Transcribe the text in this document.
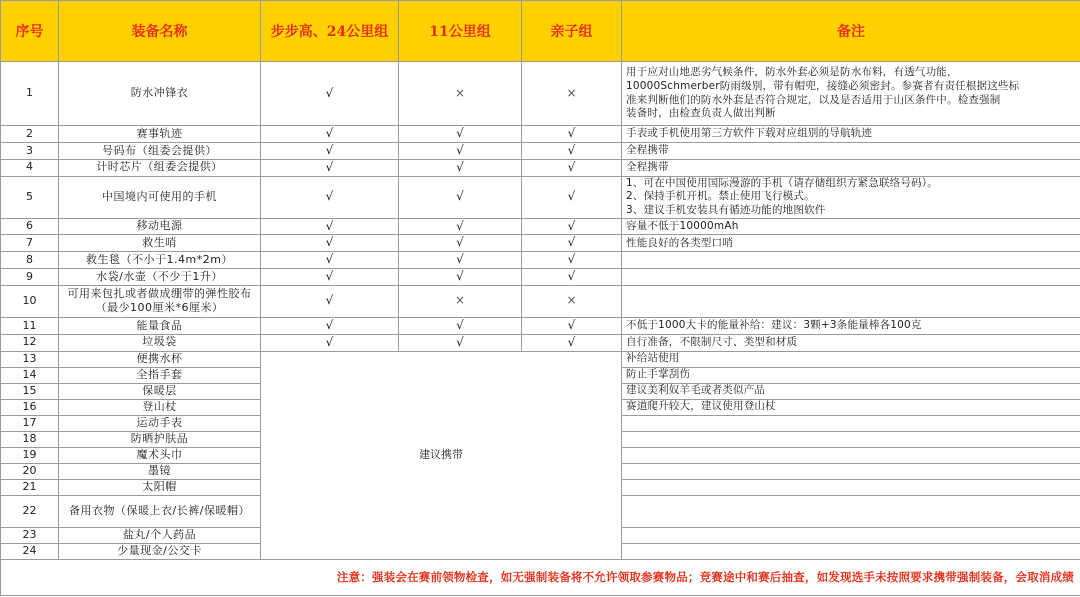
序号	装备名称	步步高、24公里组	11公里组	亲子组	备注
1	防水冲锋衣	√	×	×	用于应对山地恶劣气候条件，防水外套必须是防水布料，有透气功能，
10000Schmerber防雨级别，带有帽兜，接缝必须密封。参赛者有责任根据这些标
准来判断他们的防水外套是否符合规定，以及是否适用于山区条件中。检查强制
装备时，由检查负责人做出判断

2	赛事轨迹	√	√	√	手表或手机使用第三方软件下载对应组别的导航轨迹

3	号码布（组委会提供）	√	√	√	全程携带

4	计时芯片（组委会提供）	√	√	√	全程携带

5	中国境内可使用的手机	√	√	√	1、可在中国使用国际漫游的手机（请存储组织方紧急联络号码）。
2、保持手机开机。禁止使用飞行模式。
3、建议手机安装具有循迹功能的地图软件

6	移动电源	√	√	√	容量不低于10000mAh

7	救生哨	√	√	√	性能良好的各类型口哨

8	救生毯（不小于1.4m*2m）	√	√	√	
9	水袋/水壶（不少于1升）	√	√	√	
10	可用来包扎或者做成绷带的弹性胶布（最少100厘米*6厘米）	√	×	×	
11	能量食品	√	√	√	不低于1000大卡的能量补给：建议：3颗+3条能量棒各100克

12	垃圾袋	√	√	√	自行准备，不限制尺寸、类型和材质

13	便携水杯	建议携带			补给站使用

14	全指手套				防止手掌刮伤

15	保暖层				建议美利奴羊毛或者类似产品

16	登山杖				赛道爬升较大，建议使用登山杖

17	运动手表				
18	防晒护肤品				
19	魔术头巾				
20	墨镜				
21	太阳帽				
22	备用衣物（保暖上衣/长裤/保暖帽）				
23	盐丸/个人药品				
24	少量现金/公交卡				
注意：强装会在赛前领物检查，如无强制装备将不允许领取参赛物品；竞赛途中和赛后抽查，如发现选手未按照要求携带强制装备，会取消成绩					
